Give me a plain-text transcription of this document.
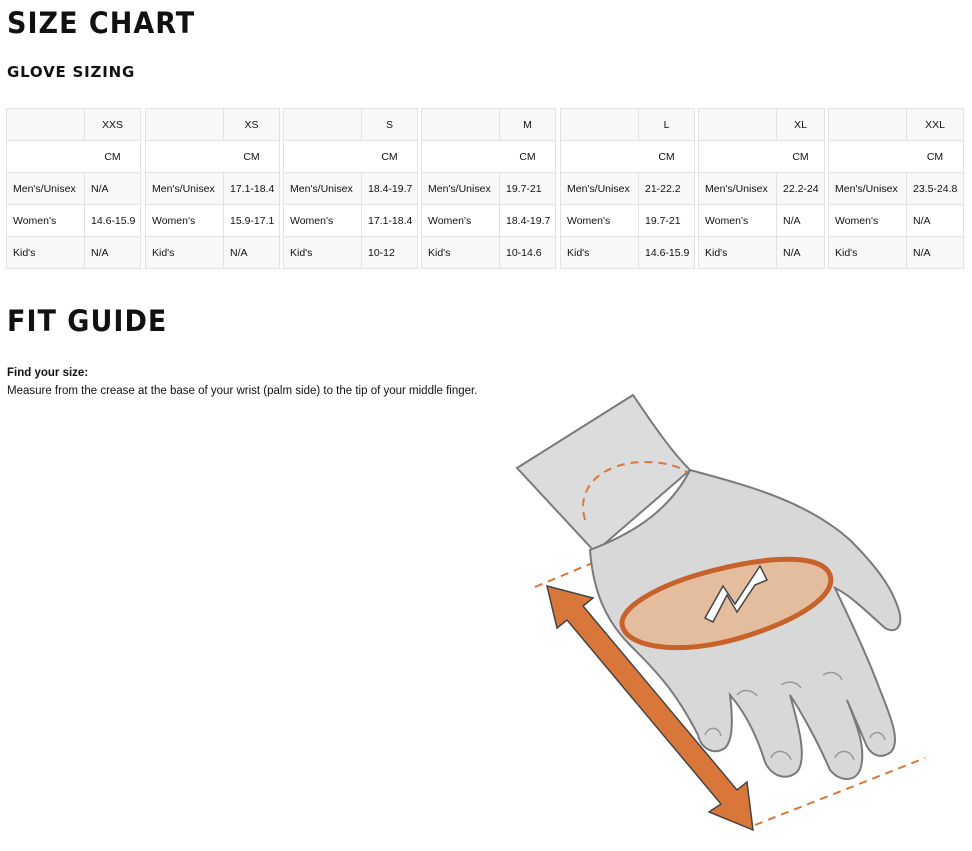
SIZE CHART
GLOVE SIZING
	XXS
	CM
Men's/Unisex	N/A
Women's	14.6-15.9
Kid's	N/A
	XS
	CM
Men's/Unisex	17.1-18.4
Women's	15.9-17.1
Kid's	N/A
	S
	CM
Men's/Unisex	18.4-19.7
Women's	17.1-18.4
Kid's	10-12
	M
	CM
Men's/Unisex	19.7-21
Women's	18.4-19.7
Kid's	10-14.6
	L
	CM
Men's/Unisex	21-22.2
Women's	19.7-21
Kid's	14.6-15.9
	XL
	CM
Men's/Unisex	22.2-24
Women's	N/A
Kid's	N/A
	XXL
	CM
Men's/Unisex	23.5-24.8
Women's	N/A
Kid's	N/A
FIT GUIDE
Find your size:
Measure from the crease at the base of your wrist (palm side) to the tip of your middle finger.
